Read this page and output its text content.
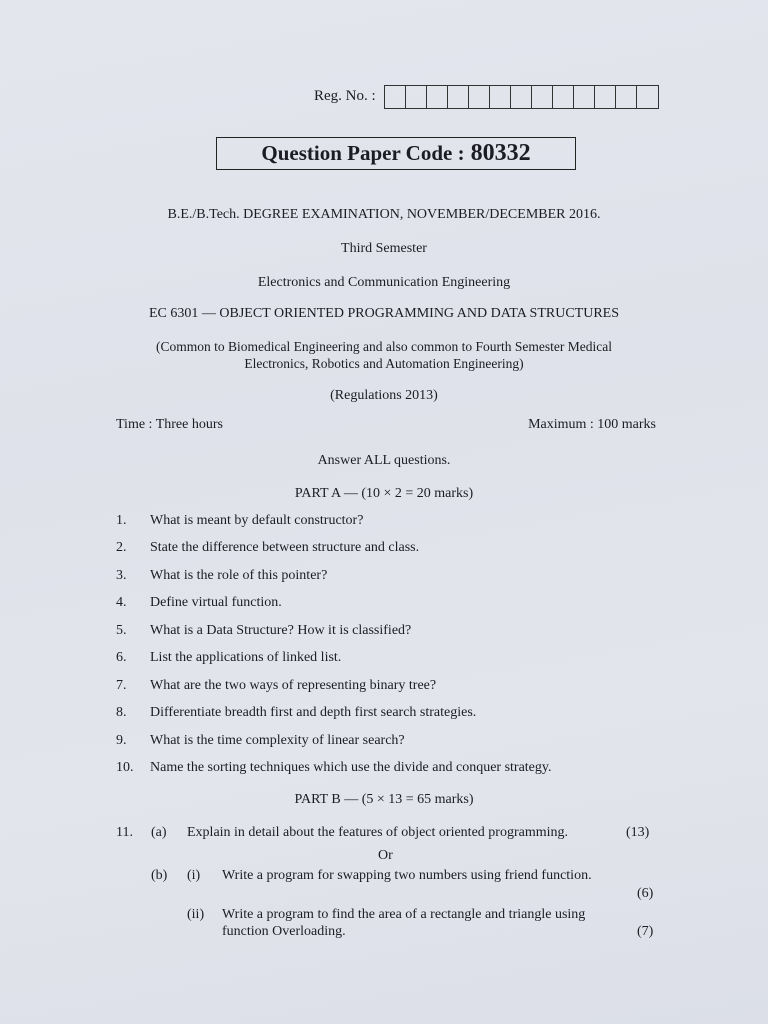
Reg. No. :
Question Paper Code : 80332
B.E./B.Tech. DEGREE EXAMINATION, NOVEMBER/DECEMBER 2016.
Third Semester
Electronics and Communication Engineering
EC 6301 — OBJECT ORIENTED PROGRAMMING AND DATA STRUCTURES
(Common to Biomedical Engineering and also common to Fourth Semester Medical
Electronics, Robotics and Automation Engineering)
(Regulations 2013)
Time : Three hours	Maximum : 100 marks
Answer ALL questions.
PART A — (10 × 2 = 20 marks)
1.	What is meant by default constructor?
2.	State the difference between structure and class.
3.	What is the role of this pointer?
4.	Define virtual function.
5.	What is a Data Structure? How it is classified?
6.	List the applications of linked list.
7.	What are the two ways of representing binary tree?
8.	Differentiate breadth first and depth first search strategies.
9.	What is the time complexity of linear search?
10.	Name the sorting techniques which use the divide and conquer strategy.
PART B — (5 × 13 = 65 marks)
11. (a) Explain in detail about the features of object oriented programming.	(13)
Or
(b) (i) Write a program for swapping two numbers using friend function.
(6)
(ii) Write a program to find the area of a rectangle and triangle using
function Overloading.	(7)
